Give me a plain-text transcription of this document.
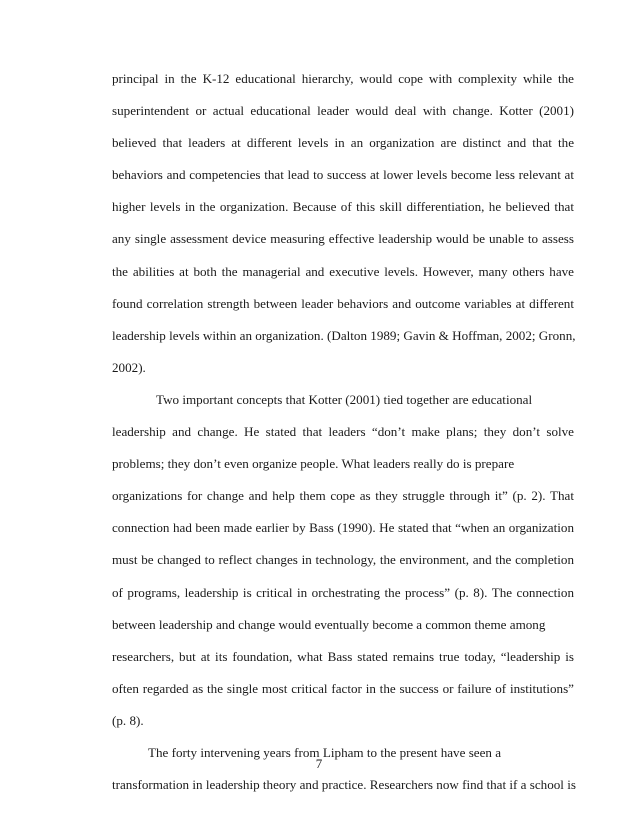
principal in the K-12 educational hierarchy, would cope with complexity while the
superintendent or actual educational leader would deal with change. Kotter (2001)
believed that leaders at different levels in an organization are distinct and that the
behaviors and competencies that lead to success at lower levels become less relevant at
higher levels in the organization. Because of this skill differentiation, he believed that
any single assessment device measuring effective leadership would be unable to assess
the abilities at both the managerial and executive levels. However, many others have
found correlation strength between leader behaviors and outcome variables at different
leadership levels within an organization. (Dalton 1989; Gavin & Hoffman, 2002; Gronn,
2002).
Two important concepts that Kotter (2001) tied together are educational
leadership and change. He stated that leaders “don’t make plans; they don’t solve
problems; they don’t even organize people. What leaders really do is prepare
organizations for change and help them cope as they struggle through it” (p. 2). That
connection had been made earlier by Bass (1990). He stated that “when an organization
must be changed to reflect changes in technology, the environment, and the completion
of programs, leadership is critical in orchestrating the process” (p. 8). The connection
between leadership and change would eventually become a common theme among
researchers, but at its foundation, what Bass stated remains true today, “leadership is
often regarded as the single most critical factor in the success or failure of institutions”
(p. 8).
The forty intervening years from Lipham to the present have seen a
transformation in leadership theory and practice. Researchers now find that if a school is
7
